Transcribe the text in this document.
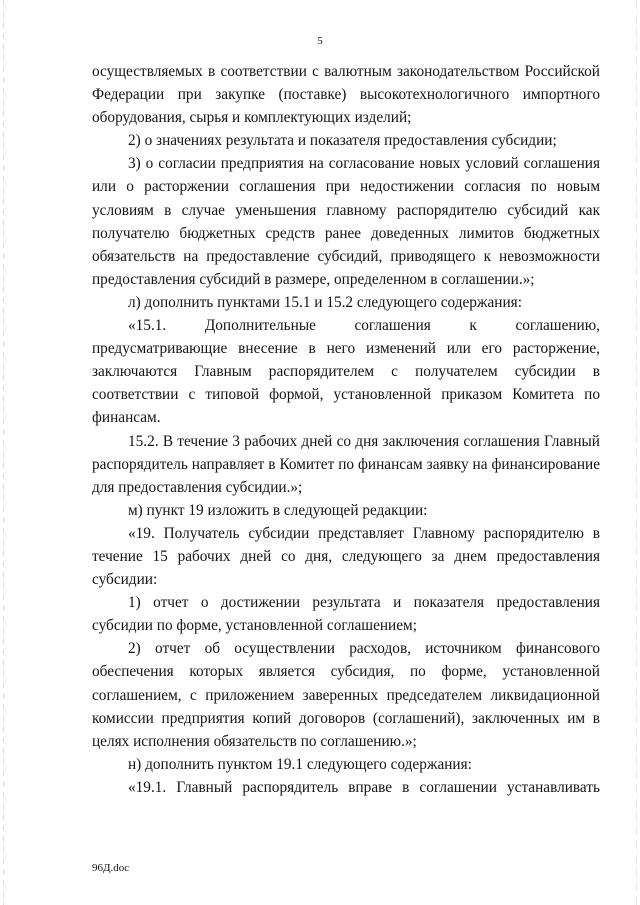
5

осуществляемых в соответствии с валютным законодательством Российской Федерации при закупке (поставке) высокотехнологичного импортного оборудования, сырья и комплектующих изделий;

2) о значениях результата и показателя предоставления субсидии;

3) о согласии предприятия на согласование новых условий соглашения или о расторжении соглашения при недостижении согласия по новым условиям в случае уменьшения главному распорядителю субсидий как получателю бюджетных средств ранее доведенных лимитов бюджетных обязательств на предоставление субсидий, приводящего к невозможности предоставления субсидий в размере, определенном в соглашении.»;

л) дополнить пунктами 15.1 и 15.2 следующего содержания:

«15.1. Дополнительные соглашения к соглашению, предусматривающие внесение в него изменений или его расторжение, заключаются Главным распорядителем с получателем субсидии в соответствии с типовой формой, установленной приказом Комитета по финансам.

15.2. В течение 3 рабочих дней со дня заключения соглашения Главный распорядитель направляет в Комитет по финансам заявку на финансирование для предоставления субсидии.»;

м) пункт 19 изложить в следующей редакции:

«19. Получатель субсидии представляет Главному распорядителю в течение 15 рабочих дней со дня, следующего за днем предоставления субсидии:

1) отчет о достижении результата и показателя предоставления субсидии по форме, установленной соглашением;

2) отчет об осуществлении расходов, источником финансового обеспечения которых является субсидия, по форме, установленной соглашением, с приложением заверенных председателем ликвидационной комиссии предприятия копий договоров (соглашений), заключенных им в целях исполнения обязательств по соглашению.»;

н) дополнить пунктом 19.1 следующего содержания:

«19.1. Главный распорядитель вправе в соглашении устанавливать

96Д.doc
